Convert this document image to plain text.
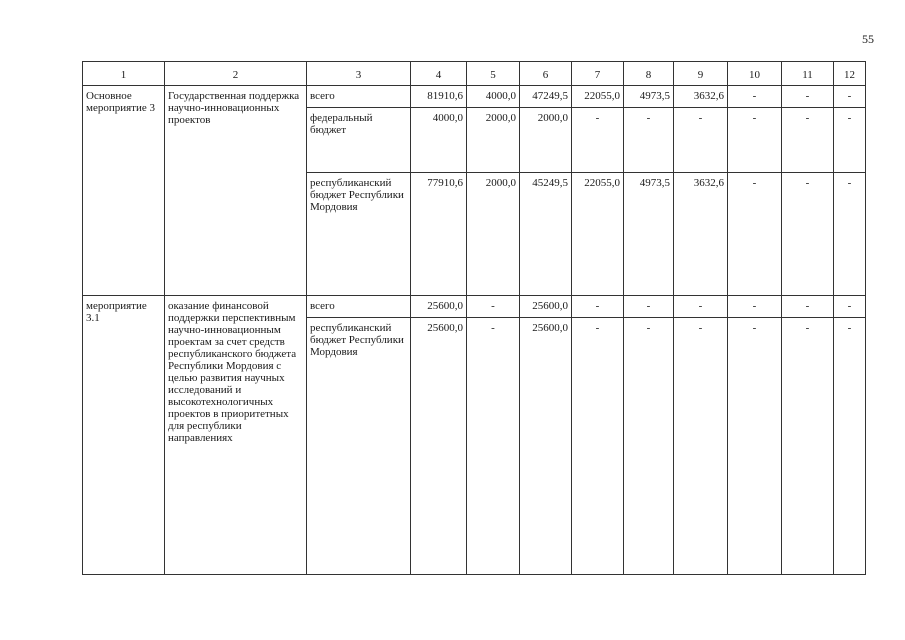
55
1	2	3	4	5	6	7	8	9	10	11	12
Основное мероприятие 3	Государственная поддержка научно-инновационных проектов	всего	81910,6	4000,0	47249,5	22055,0	4973,5	3632,6	-	-	-
		федеральный бюджет	4000,0	2000,0	2000,0	-	-	-	-	-	-
		республиканский бюджет Республики Мордовия	77910,6	2000,0	45249,5	22055,0	4973,5	3632,6	-	-	-
мероприятие 3.1	оказание финансовой поддержки перспективным научно-инновационным проектам за счет средств республиканского бюджета Республики Мордовия с целью развития научных исследований и высокотехнологичных проектов в приоритетных для республики направлениях	всего	25600,0	-	25600,0	-	-	-	-	-	-
		республиканский бюджет Республики Мордовия	25600,0	-	25600,0	-	-	-	-	-	-
